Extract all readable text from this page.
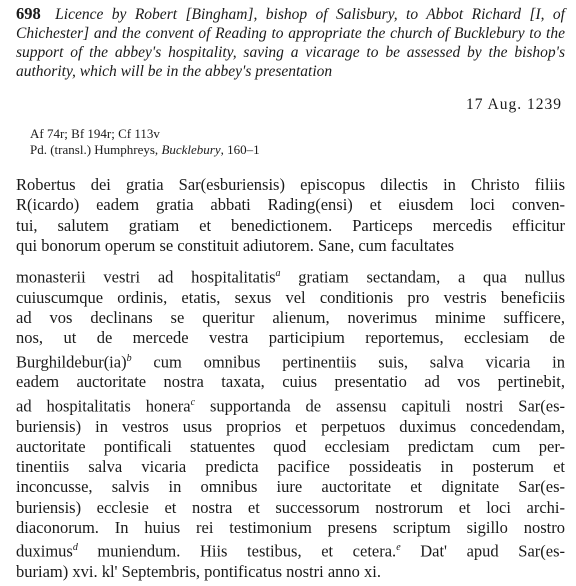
698 Licence by Robert [Bingham], bishop of Salisbury, to Abbot Richard [I, of Chichester] and the convent of Reading to appropriate the church of Bucklebury to the support of the abbey's hospitality, saving a vicarage to be assessed by the bishop's authority, which will be in the abbey's presentation
17 Aug. 1239
Af 74r; Bf 194r; Cf 113v
Pd. (transl.) Humphreys, Bucklebury, 160–1
Robertus dei gratia Sar(esburiensis) episcopus dilectis in Christo filiis
R(icardo) eadem gratia abbati Rading(ensi) et eiusdem loci conven-
tui, salutem gratiam et benedictionem. Particeps mercedis efficitur
qui bonorum operum se constituit adiutorem. Sane, cum facultates
monasterii vestri ad hospitalitatis$^a$ gratiam sectandam, a qua nullus
cuiuscumque ordinis, etatis, sexus vel conditionis pro vestris beneficiis
ad vos declinans se queritur alienum, noverimus minime sufficere,
nos, ut de mercede vestra participium reportemus, ecclesiam de
Burghildebur(ia)$^b$ cum omnibus pertinentiis suis, salva vicaria in
eadem auctoritate nostra taxata, cuius presentatio ad vos pertinebit,
ad hospitalitatis honera$^c$ supportanda de assensu capituli nostri Sar(es-
buriensis) in vestros usus proprios et perpetuos duximus concedendam,
auctoritate pontificali statuentes quod ecclesiam predictam cum per-
tinentiis salva vicaria predicta pacifice possideatis in posterum et
inconcusse, salvis in omnibus iure auctoritate et dignitate Sar(es-
buriensis) ecclesie et nostra et successorum nostrorum et loci archi-
diaconorum. In huius rei testimonium presens scriptum sigillo nostro
duximus$^d$ muniendum. Hiis testibus, et cetera.$^e$ Dat' apud Sar(es-
buriam) xvi. kl' Septembris, pontificatus nostri anno xi.
